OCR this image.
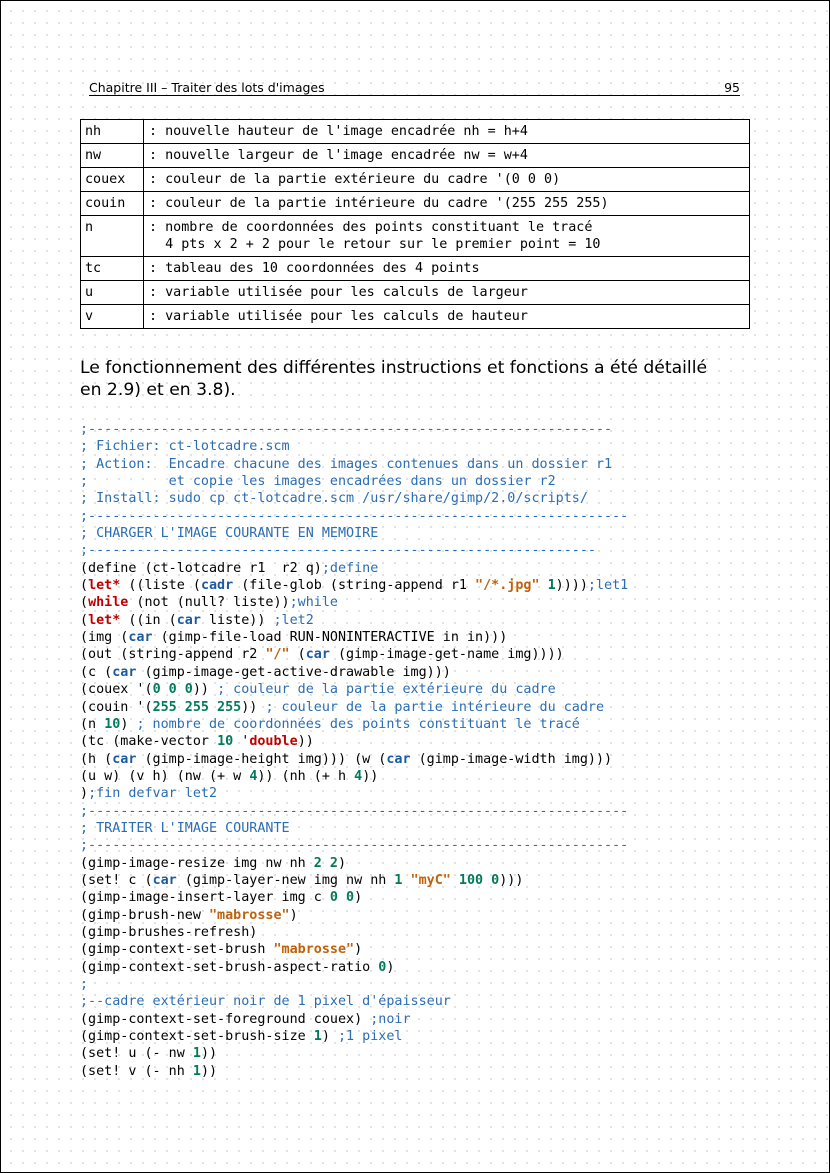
Chapitre III – Traiter des lots d'images	95
nh	: nouvelle hauteur de l'image encadrée nh = h+4
nw	: nouvelle largeur de l'image encadrée nw = w+4
couex	: couleur de la partie extérieure du cadre '(0 0 0)
couin	: couleur de la partie intérieure du cadre '(255 255 255)
n	: nombre de coordonnées des points constituant le tracé
4 pts x 2 + 2 pour le retour sur le premier point = 10
tc	: tableau des 10 coordonnées des 4 points
u	: variable utilisée pour les calculs de largeur
v	: variable utilisée pour les calculs de hauteur
Le fonctionnement des différentes instructions et fonctions a été détaillé
en 2.9) et en 3.8).
;-----------------------------------------------------------------
; Fichier: ct-lotcadre.scm
; Action:  Encadre chacune des images contenues dans un dossier r1
;          et copie les images encadrées dans un dossier r2
; Install: sudo cp ct-lotcadre.scm /usr/share/gimp/2.0/scripts/
;-------------------------------------------------------------------
; CHARGER L'IMAGE COURANTE EN MEMOIRE
;---------------------------------------------------------------
(define (ct-lotcadre r1  r2 q);define
(let* ((liste (cadr (file-glob (string-append r1 "/*.jpg" 1))));let1
(while (not (null? liste));while
(let* ((in (car liste)) ;let2
(img (car (gimp-file-load RUN-NONINTERACTIVE in in)))
(out (string-append r2 "/" (car (gimp-image-get-name img))))
(c (car (gimp-image-get-active-drawable img)))
(couex '(0 0 0)) ; couleur de la partie extérieure du cadre
(couin '(255 255 255)) ; couleur de la partie intérieure du cadre
(n 10) ; nombre de coordonnées des points constituant le tracé
(tc (make-vector 10 'double))
(h (car (gimp-image-height img))) (w (car (gimp-image-width img)))
(u w) (v h) (nw (+ w 4)) (nh (+ h 4))
);fin defvar let2
;-------------------------------------------------------------------
; TRAITER L'IMAGE COURANTE
;-------------------------------------------------------------------
(gimp-image-resize img nw nh 2 2)
(set! c (car (gimp-layer-new img nw nh 1 "myC" 100 0)))
(gimp-image-insert-layer img c 0 0)
(gimp-brush-new "mabrosse")
(gimp-brushes-refresh)
(gimp-context-set-brush "mabrosse")
(gimp-context-set-brush-aspect-ratio 0)
;
;--cadre extérieur noir de 1 pixel d'épaisseur
(gimp-context-set-foreground couex) ;noir
(gimp-context-set-brush-size 1) ;1 pixel
(set! u (- nw 1))
(set! v (- nh 1))
